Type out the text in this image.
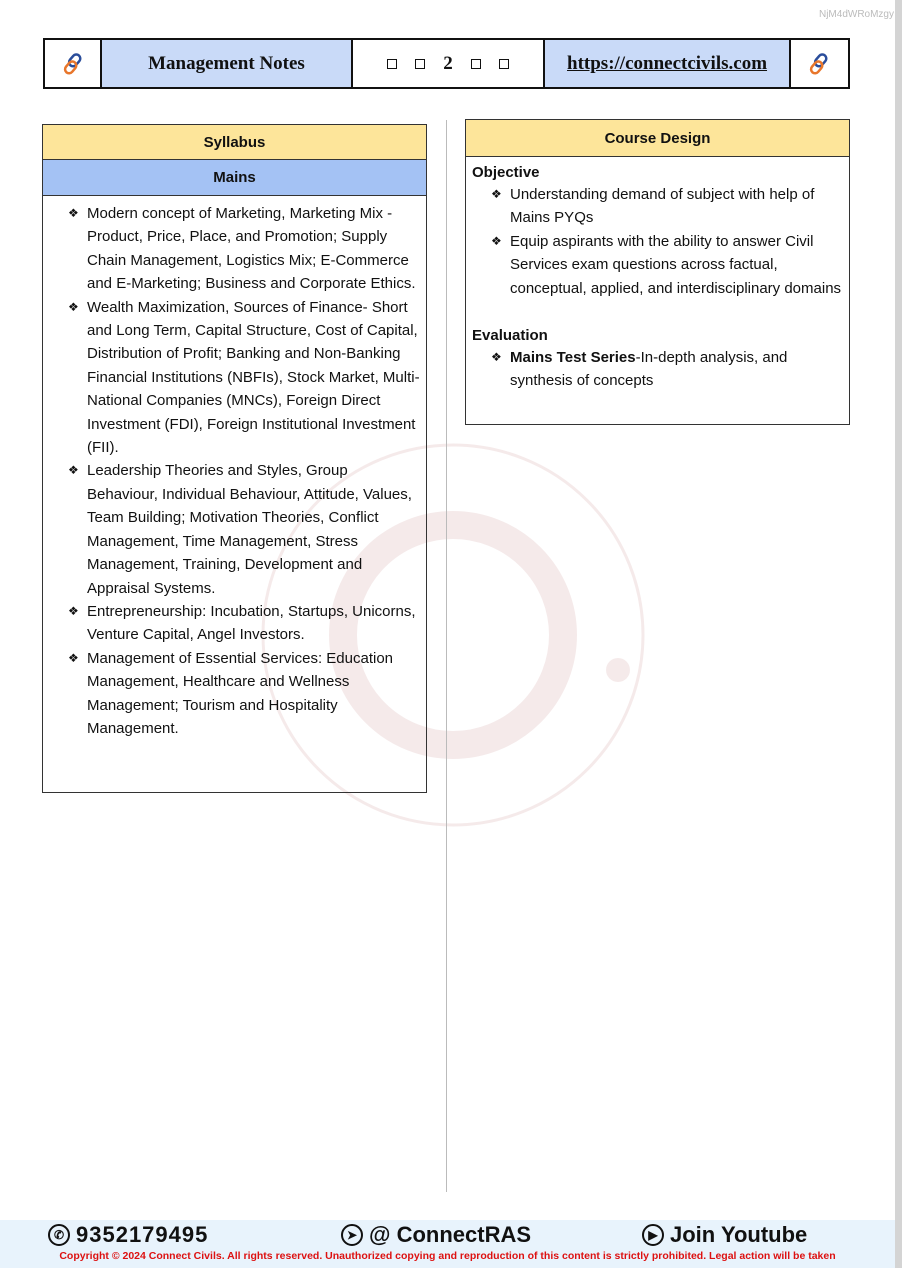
NjM4dWRoMzgy
Management Notes	2	https://connectcivils.com
Syllabus
Mains
❖ Modern concept of Marketing, Marketing Mix - Product, Price, Place, and Promotion; Supply Chain Management, Logistics Mix; E-Commerce and E-Marketing; Business and Corporate Ethics.
❖ Wealth Maximization, Sources of Finance- Short and Long Term, Capital Structure, Cost of Capital, Distribution of Profit; Banking and Non-Banking Financial Institutions (NBFIs), Stock Market, Multi-National Companies (MNCs), Foreign Direct Investment (FDI), Foreign Institutional Investment (FII).
❖ Leadership Theories and Styles, Group Behaviour, Individual Behaviour, Attitude, Values, Team Building; Motivation Theories, Conflict Management, Time Management, Stress Management, Training, Development and Appraisal Systems.
❖ Entrepreneurship: Incubation, Startups, Unicorns, Venture Capital, Angel Investors.
❖ Management of Essential Services: Education Management, Healthcare and Wellness Management; Tourism and Hospitality Management.
Course Design
Objective
❖ Understanding demand of subject with help of Mains PYQs
❖ Equip aspirants with the ability to answer Civil Services exam questions across factual, conceptual, applied, and interdisciplinary domains
Evaluation
❖ Mains Test Series-In-depth analysis, and synthesis of concepts
✆ 9352179495	➤ @ ConnectRAS	▶ Join Youtube
Copyright © 2024 Connect Civils. All rights reserved. Unauthorized copying and reproduction of this content is strictly prohibited. Legal action will be taken
